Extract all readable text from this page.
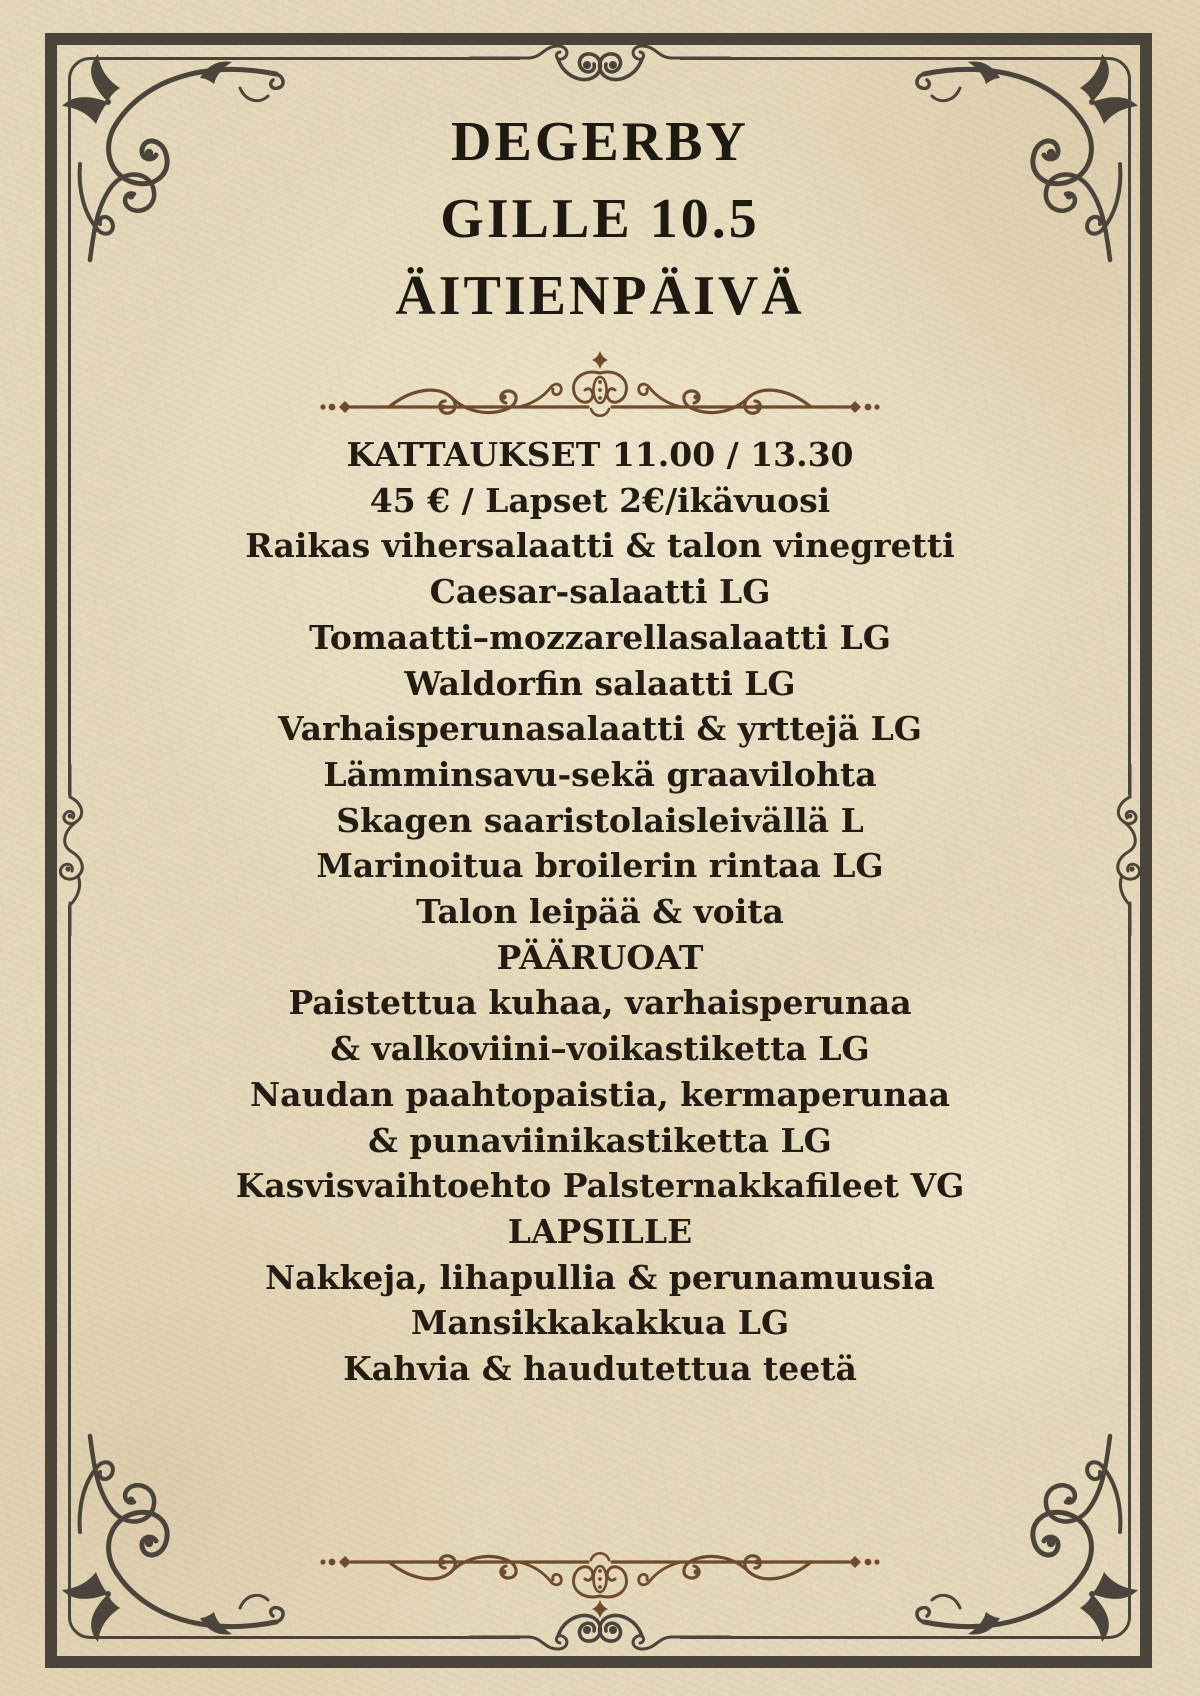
DEGERBY
GILLE 10.5
ÄITIENPÄIVÄ
KATTAUKSET 11.00 / 13.30
45 € / Lapset 2€/ikävuosi
Raikas vihersalaatti & talon vinegretti
Caesar-salaatti LG
Tomaatti–mozzarellasalaatti LG
Waldorfin salaatti LG
Varhaisperunasalaatti & yrttejä LG
Lämminsavu-sekä graavilohta
Skagen saaristolaisleivällä L
Marinoitua broilerin rintaa LG
Talon leipää & voita
PÄÄRUOAT
Paistettua kuhaa, varhaisperunaa
& valkoviini–voikastiketta LG
Naudan paahtopaistia, kermaperunaa
& punaviinikastiketta LG
Kasvisvaihtoehto Palsternakkafileet VG
LAPSILLE
Nakkeja, lihapullia & perunamuusia
Mansikkakakkua LG
Kahvia & haudutettua teetä
